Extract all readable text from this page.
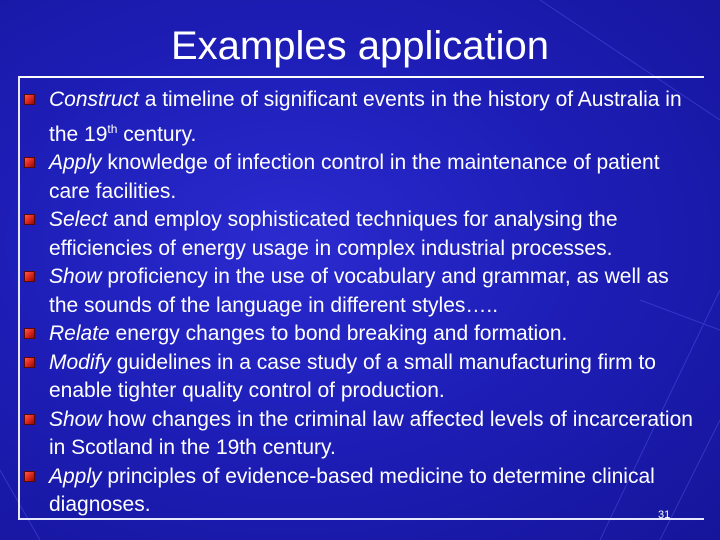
Examples application
Construct a timeline of significant events in the history of Australia in the 19th century.
Apply knowledge of infection control in the maintenance of patient care facilities.
Select and employ sophisticated techniques for analysing the efficiencies of energy usage in complex industrial processes.
Show proficiency in the use of vocabulary and grammar, as well as the sounds of the language in different styles…..
Relate energy changes to bond breaking and formation.
Modify guidelines in a case study of a small manufacturing firm to enable tighter quality control of production.
Show how changes in the criminal law affected levels of incarceration in Scotland in the 19th century.
Apply principles of evidence-based medicine to determine clinical diagnoses.	31
